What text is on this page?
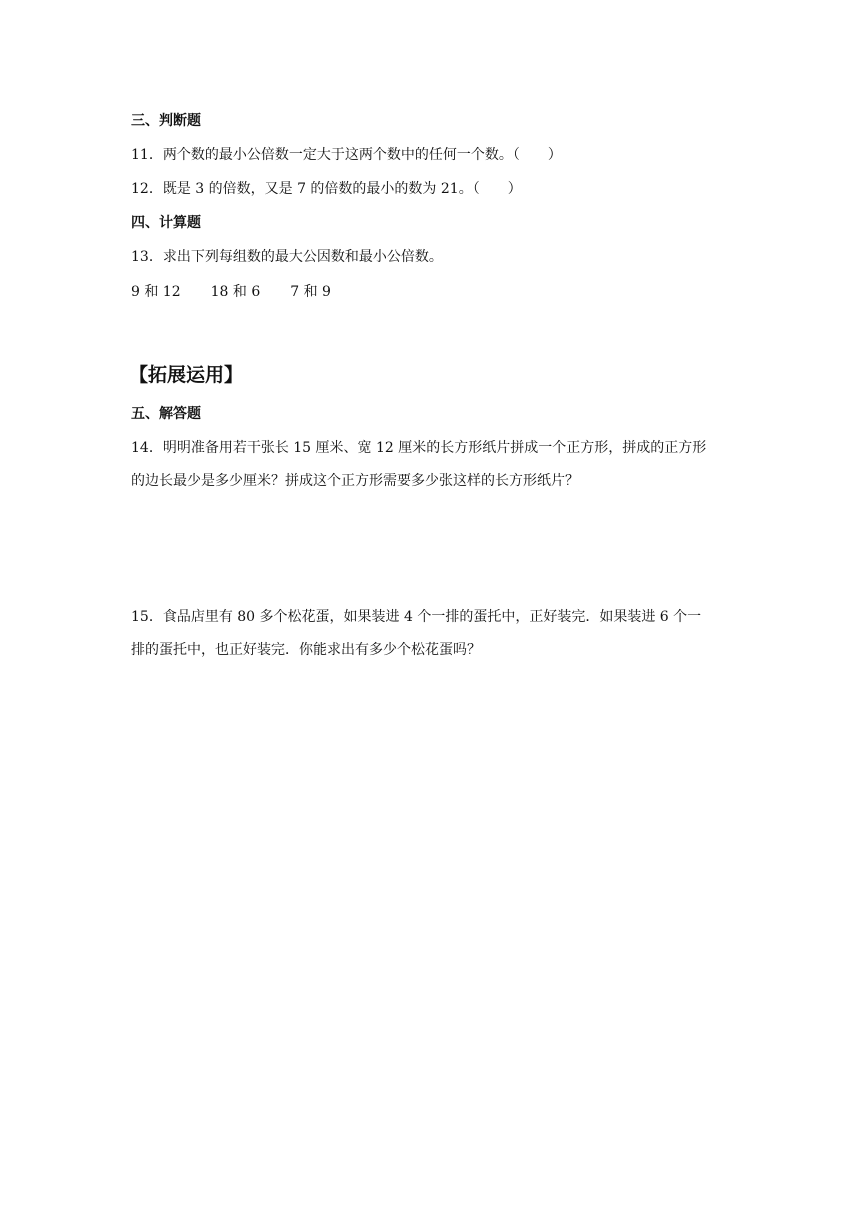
三、判断题
11．两个数的最小公倍数一定大于这两个数中的任何一个数。（　　）
12．既是 3 的倍数，又是 7 的倍数的最小的数为 21。（　　）
四、计算题
13．求出下列每组数的最大公因数和最小公倍数。
9 和 12 18 和 6 7 和 9
【拓展运用】
五、解答题
14．明明准备用若干张长 15 厘米、宽 12 厘米的长方形纸片拼成一个正方形，拼成的正方形
的边长最少是多少厘米？拼成这个正方形需要多少张这样的长方形纸片？
15．食品店里有 80 多个松花蛋，如果装进 4 个一排的蛋托中，正好装完．如果装进 6 个一
排的蛋托中，也正好装完．你能求出有多少个松花蛋吗？
